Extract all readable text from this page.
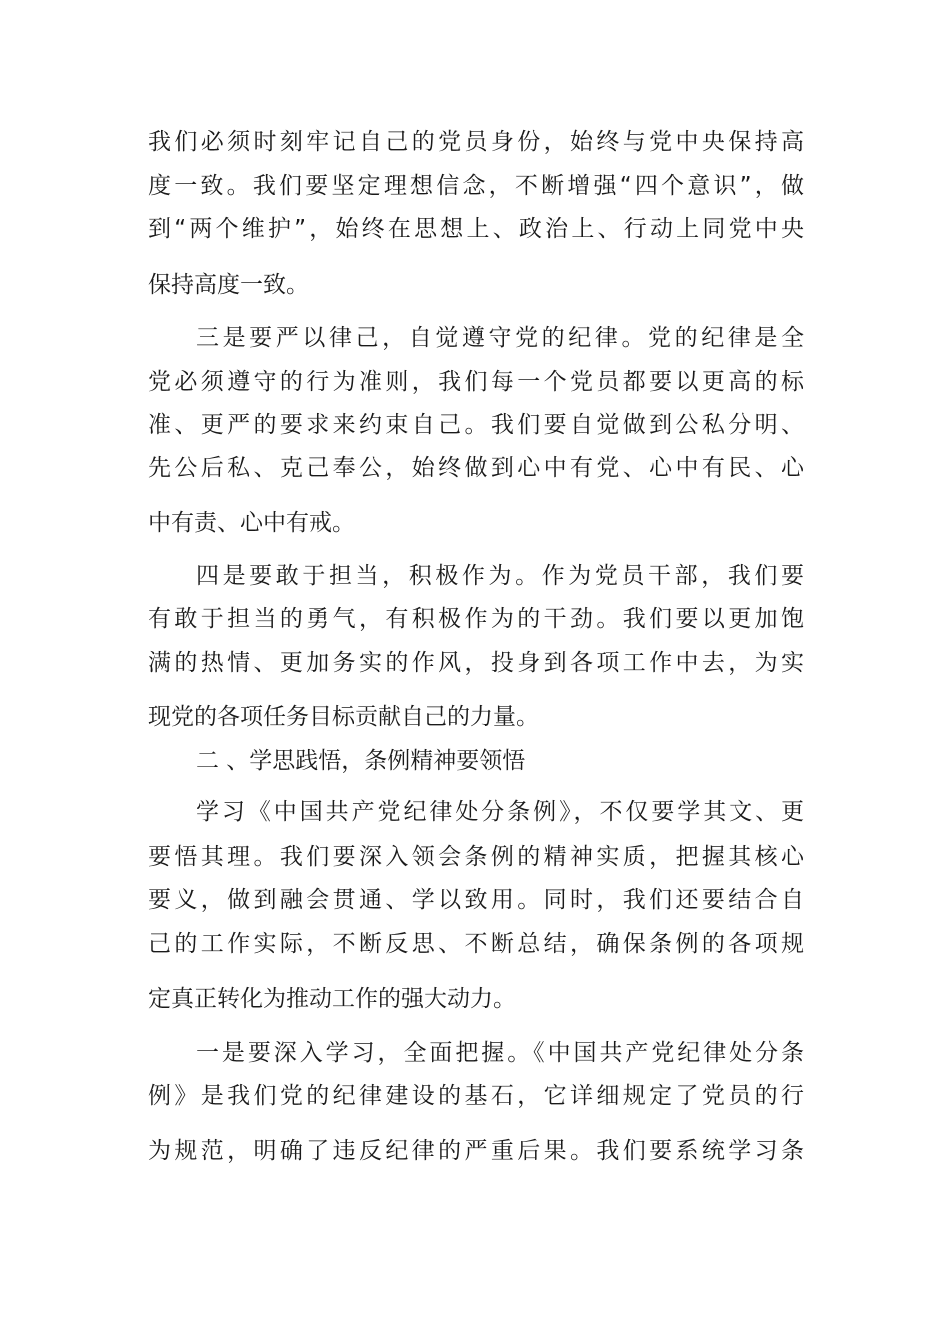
我们必须时刻牢记自己的党员身份，始终与党中央保持高
度一致。我们要坚定理想信念，不断增强“四个意识”，做
到“两个维护”，始终在思想上、政治上、行动上同党中央
保持高度一致。
三是要严以律己，自觉遵守党的纪律。党的纪律是全
党必须遵守的行为准则，我们每一个党员都要以更高的标
准、更严的要求来约束自己。我们要自觉做到公私分明、
先公后私、克己奉公，始终做到心中有党、心中有民、心
中有责、心中有戒。
四是要敢于担当，积极作为。作为党员干部，我们要
有敢于担当的勇气，有积极作为的干劲。我们要以更加饱
满的热情、更加务实的作风，投身到各项工作中去，为实
现党的各项任务目标贡献自己的力量。
二 、学思践悟，条例精神要领悟
学习《中国共产党纪律处分条例》，不仅要学其文、更
要悟其理。我们要深入领会条例的精神实质，把握其核心
要义，做到融会贯通、学以致用。同时，我们还要结合自
己的工作实际，不断反思、不断总结，确保条例的各项规
定真正转化为推动工作的强大动力。
一是要深入学习，全面把握。《中国共产党纪律处分条
例》是我们党的纪律建设的基石，它详细规定了党员的行
为规范，明确了违反纪律的严重后果。我们要系统学习条
